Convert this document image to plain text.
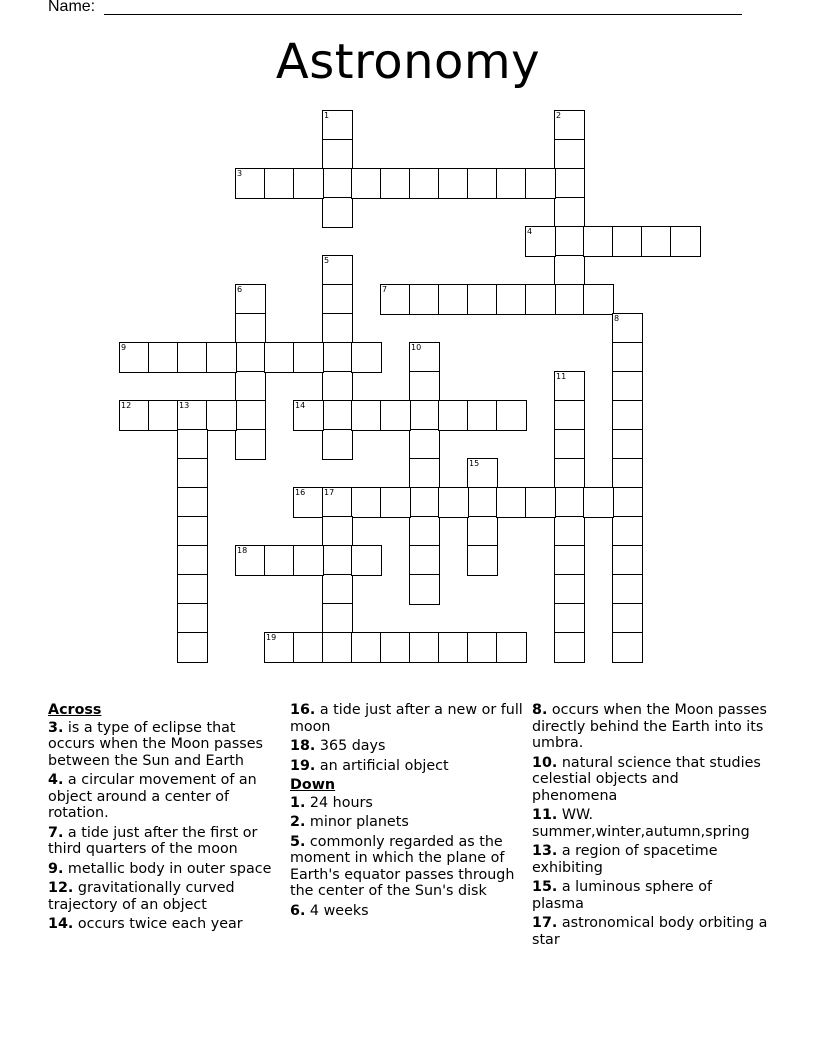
Name:
Astronomy
1	2
3
4
5
6	7
8
9	10
11
12	13	14
15
16 17
18
19
Across
3. is a type of eclipse that occurs when the Moon passes between the Sun and Earth
4. a circular movement of an object around a center of rotation.
7. a tide just after the first or third quarters of the moon
9. metallic body in outer space
12. gravitationally curved trajectory of an object
14. occurs twice each year
16. a tide just after a new or full moon
18. 365 days
19. an artificial object
Down
1. 24 hours
2. minor planets
5. commonly regarded as the moment in which the plane of Earth's equator passes through the center of the Sun's disk
6. 4 weeks
8. occurs when the Moon passes directly behind the Earth into its umbra.
10. natural science that studies celestial objects and phenomena
11. WW. summer,winter,autumn,spring
13. a region of spacetime exhibiting
15. a luminous sphere of plasma
17. astronomical body orbiting a star
